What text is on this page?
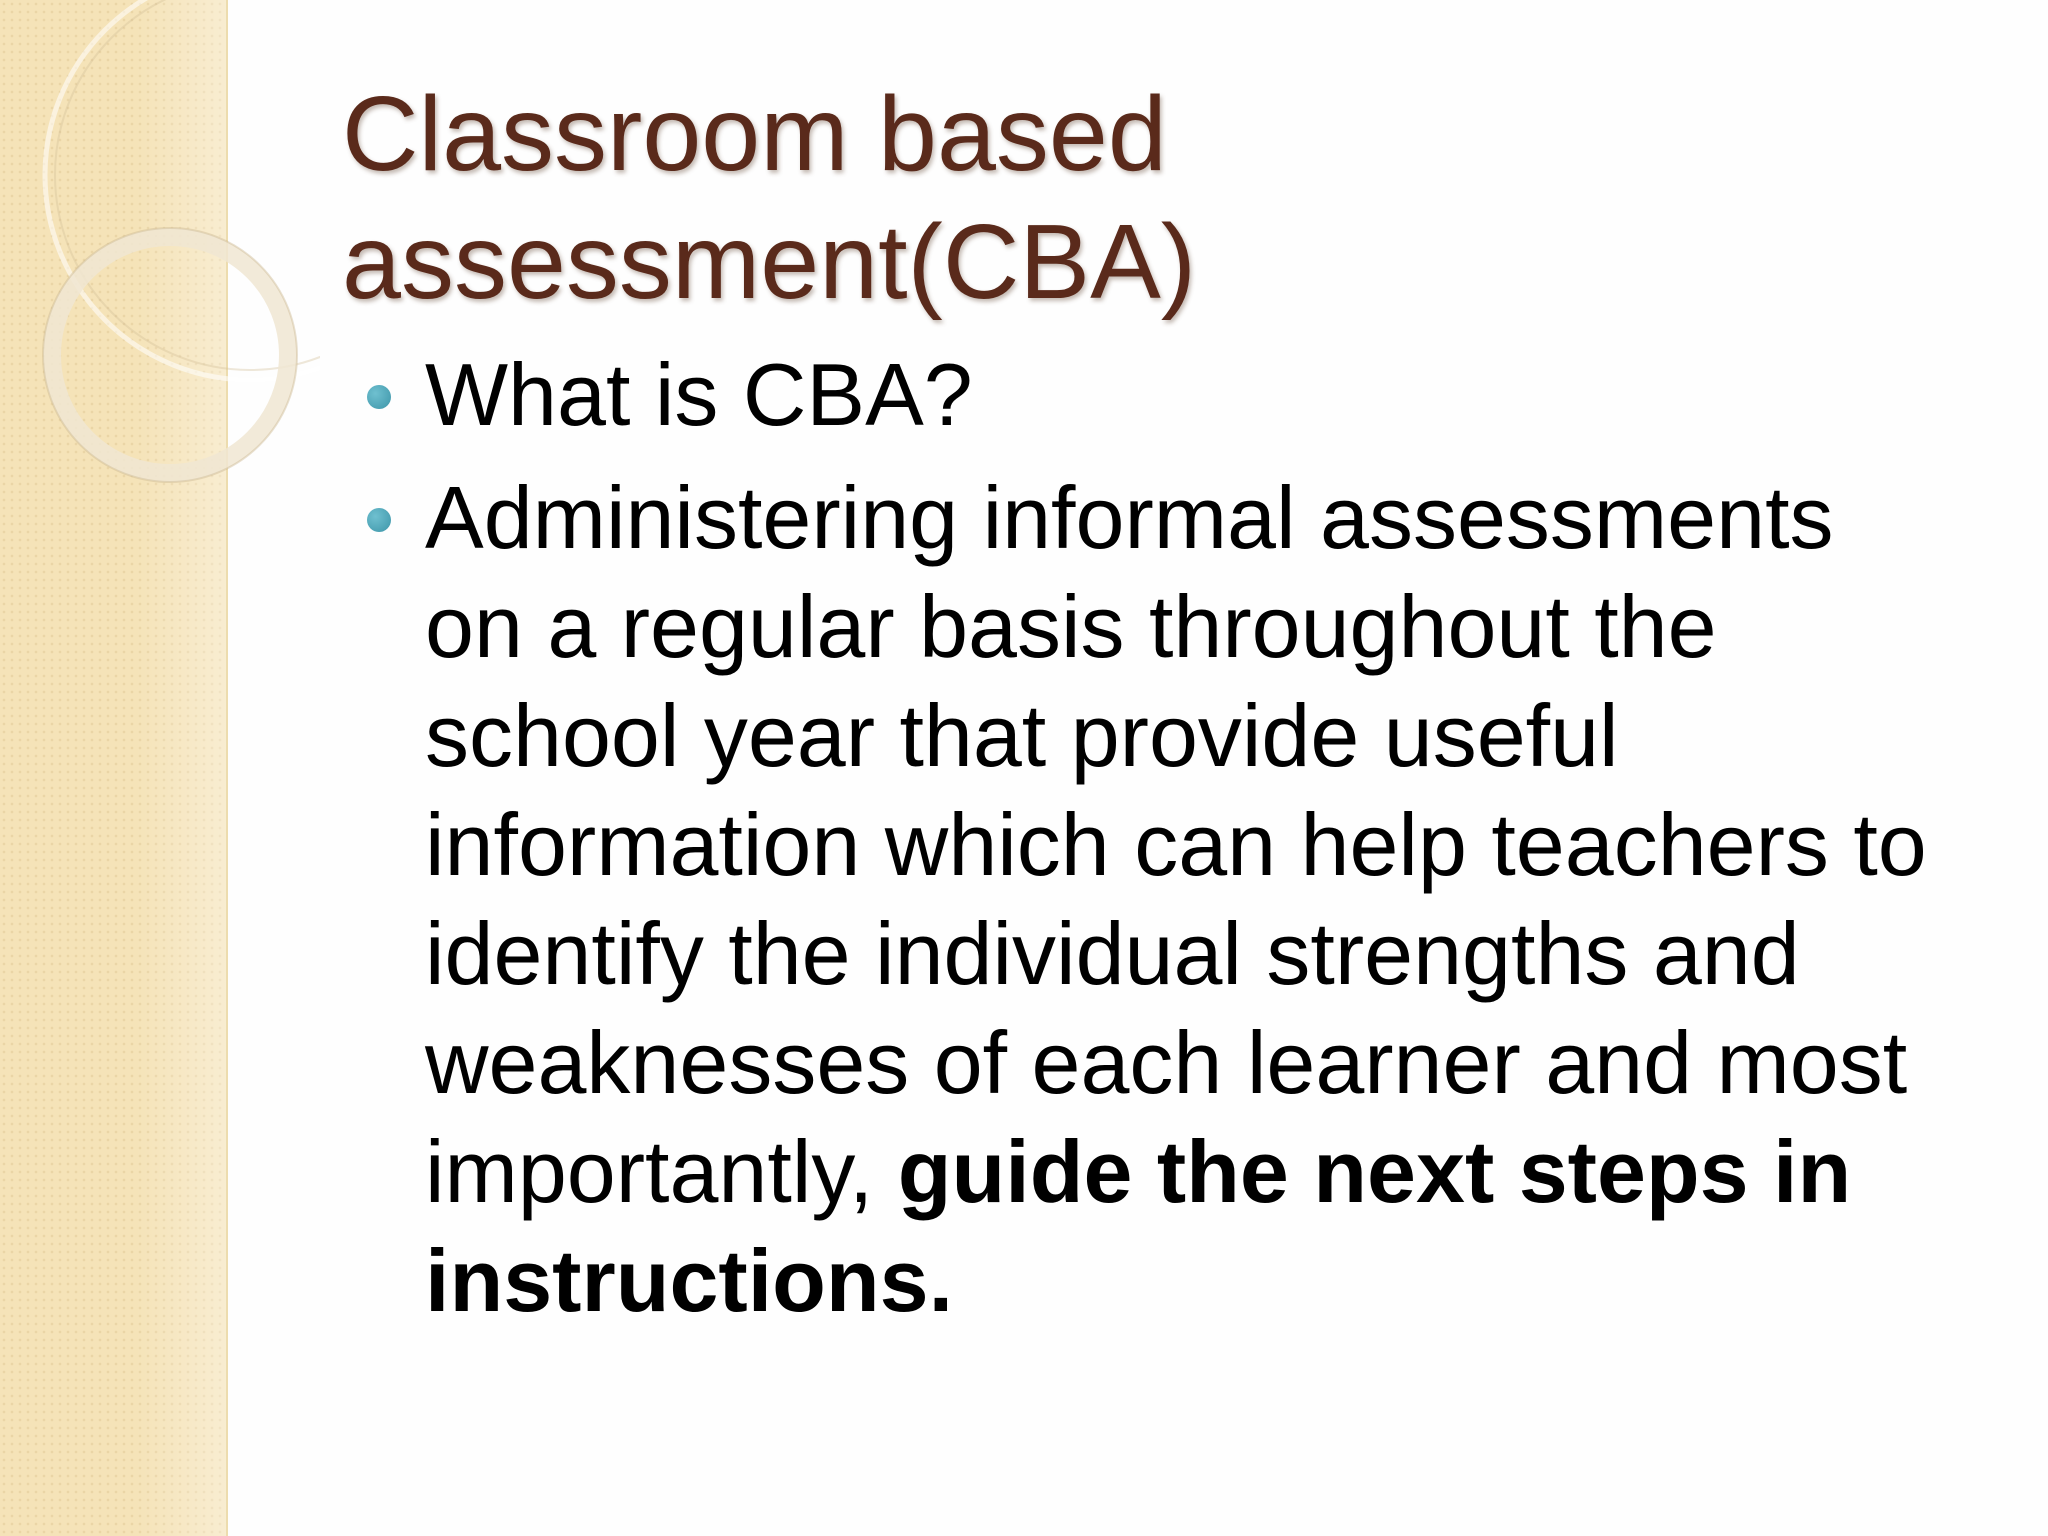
Classroom based
assessment(CBA)
What is CBA?
Administering informal assessments
on a regular basis throughout the
school year that provide useful
information which can help teachers to
identify the individual strengths and
weaknesses of each learner and most
importantly, guide the next steps in
instructions.
